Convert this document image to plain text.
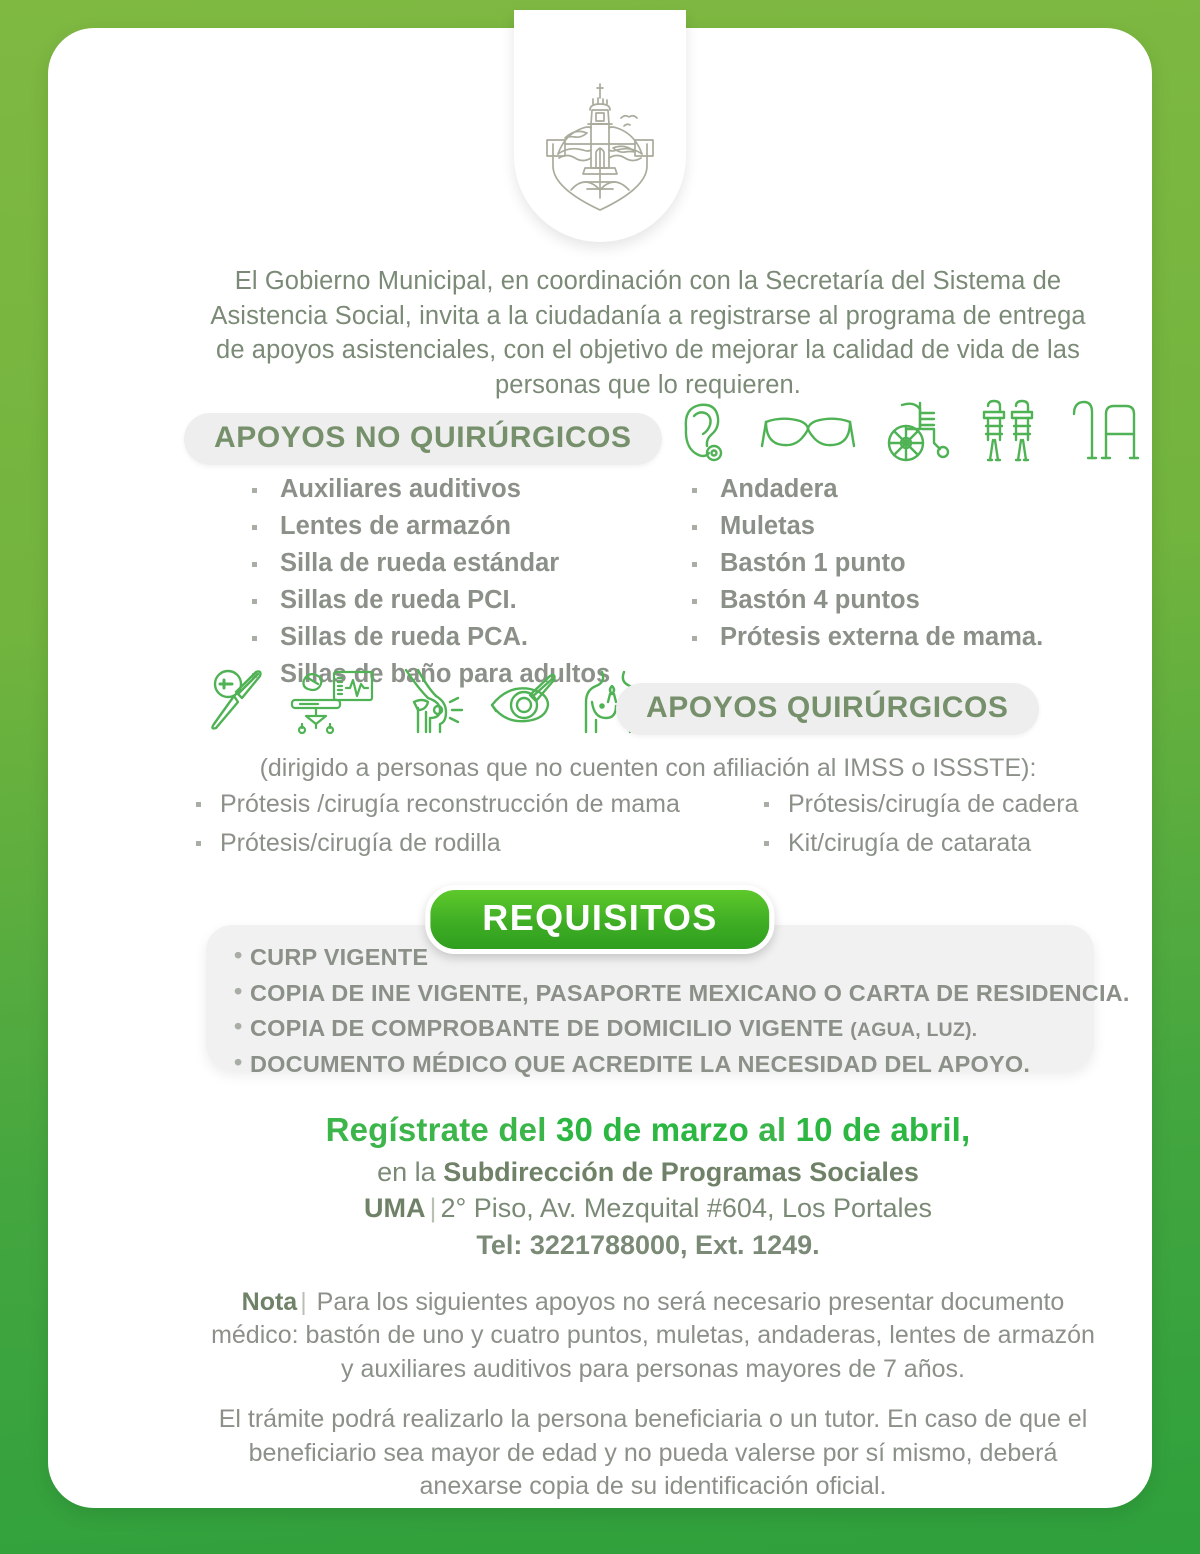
El Gobierno Municipal, en coordinación con la Secretaría del Sistema de Asistencia Social, invita a la ciudadanía a registrarse al programa de entrega de apoyos asistenciales, con el objetivo de mejorar la calidad de vida de las personas que lo requieren.
APOYOS NO QUIRÚRGICOS
Auxiliares auditivos
Lentes de armazón
Silla de rueda estándar
Sillas de rueda PCI.
Sillas de rueda PCA.
Sillas de baño para adultos
Andadera
Muletas
Bastón 1 punto
Bastón 4 puntos
Prótesis externa de mama.
APOYOS QUIRÚRGICOS
(dirigido a personas que no cuenten con afiliación al IMSS o ISSSTE):
Prótesis /cirugía reconstrucción de mama
Prótesis/cirugía de rodilla
Prótesis/cirugía de cadera
Kit/cirugía de catarata
REQUISITOS
• CURP VIGENTE
• COPIA DE INE VIGENTE, PASAPORTE MEXICANO O CARTA DE RESIDENCIA.
• COPIA DE COMPROBANTE DE DOMICILIO VIGENTE (AGUA, LUZ).
• DOCUMENTO MÉDICO QUE ACREDITE LA NECESIDAD DEL APOYO.
Regístrate del 30 de marzo al 10 de abril,
en la Subdirección de Programas Sociales
UMA | 2° Piso, Av. Mezquital #604, Los Portales
Tel: 3221788000, Ext. 1249.
Nota | Para los siguientes apoyos no será necesario presentar documento médico: bastón de uno y cuatro puntos, muletas, andaderas, lentes de armazón y auxiliares auditivos para personas mayores de 7 años.
El trámite podrá realizarlo la persona beneficiaria o un tutor. En caso de que el beneficiario sea mayor de edad y no pueda valerse por sí mismo, deberá anexarse copia de su identificación oficial.
